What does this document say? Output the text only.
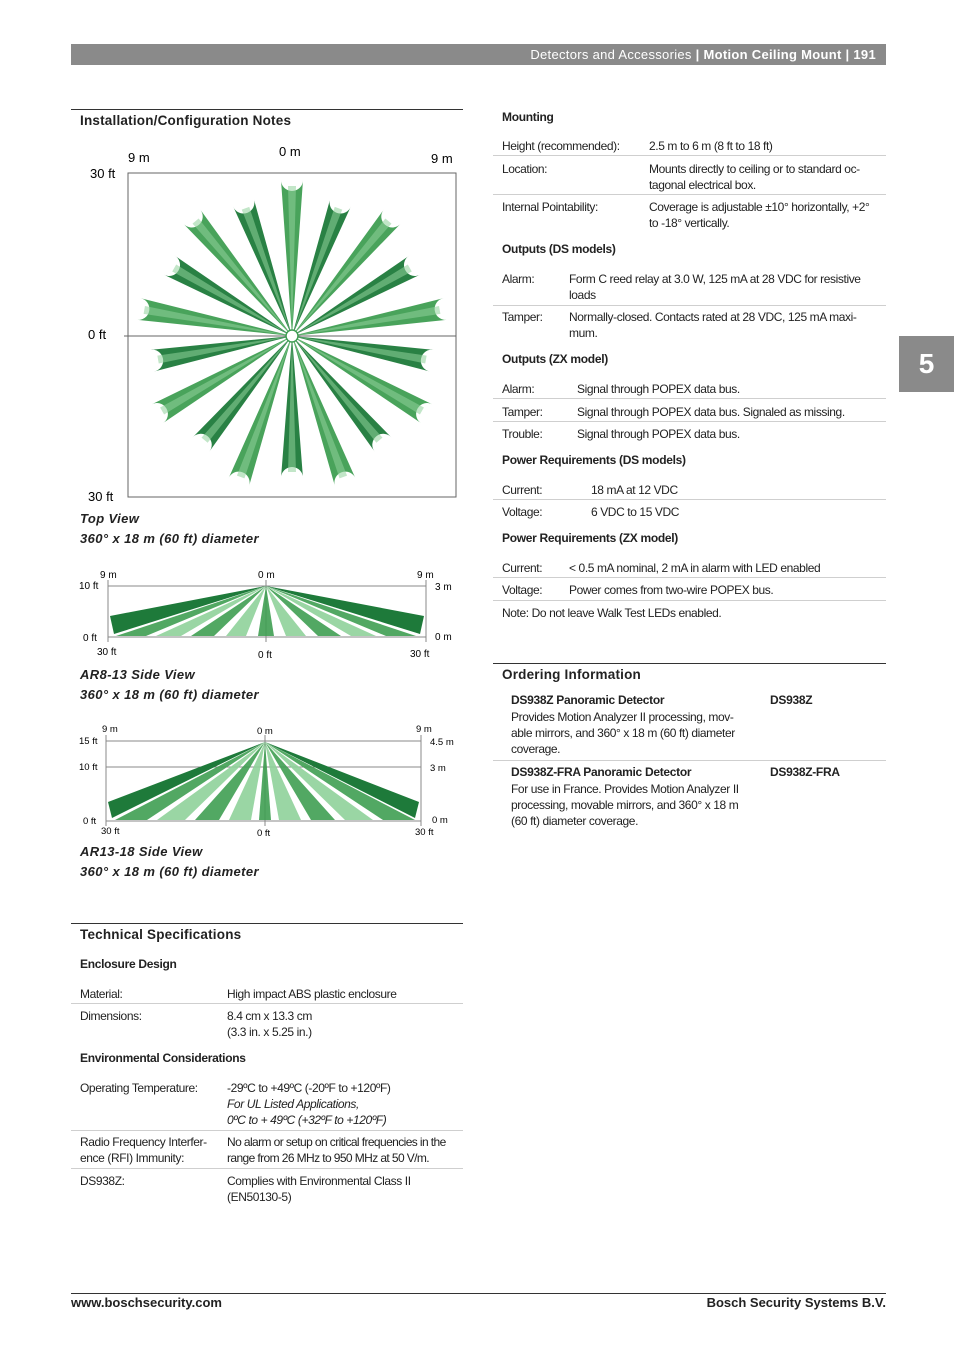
Detectors and Accessories | Motion Ceiling Mount | 191
5
Installation/Configuration Notes
9 m	0 m	9 m
30 ft
0 ft
30 ft
Top View
360° x 18 m (60 ft) diameter
9 m	0 m	9 m
10 ft	3 m
0 ft	0 m
30 ft	0 ft	30 ft
AR8-13 Side View
360° x 18 m (60 ft) diameter
9 m	0 m	9 m
15 ft	4.5 m
10 ft	3 m
0 ft	0 m
30 ft	0 ft	30 ft
AR13-18 Side View
360° x 18 m (60 ft) diameter
Technical Specifications
Enclosure Design
Material:	High impact ABS plastic enclosure
Dimensions:	8.4 cm x 13.3 cm
(3.3 in. x 5.25 in.)
Environmental Considerations
Operating Temperature: -29ºC to +49ºC (-20ºF to +120ºF)
For UL Listed Applications,
0ºC to + 49ºC (+32ºF to +120ºF)
Radio Frequency Interfer-
ence (RFI) Immunity:
No alarm or setup on critical frequencies in the
range from 26 MHz to 950 MHz at 50 V/m.
DS938Z:	Complies with Environmental Class II
(EN50130-5)
Mounting
Height (recommended): 2.5 m to 6 m (8 ft to 18 ft)
Location:	Mounts directly to ceiling or to standard oc-
tagonal electrical box.
Internal Pointability:	Coverage is adjustable ±10° horizontally, +2°
to -18° vertically.
Outputs (DS models)
Alarm:	Form C reed relay at 3.0 W, 125 mA at 28 VDC for resistive
loads
Tamper: Normally-closed. Contacts rated at 28 VDC, 125 mA maxi-
mum.
Outputs (ZX model)
Alarm:	Signal through POPEX data bus.
Tamper:	Signal through POPEX data bus. Signaled as missing.
Trouble:	Signal through POPEX data bus.
Power Requirements (DS models)
Current:	18 mA at 12 VDC
Voltage:	6 VDC to 15 VDC
Power Requirements (ZX model)
Current: < 0.5 mA nominal, 2 mA in alarm with LED enabled
Voltage: Power comes from two-wire POPEX bus.
Note: Do not leave Walk Test LEDs enabled.
Ordering Information
DS938Z Panoramic Detector	DS938Z
Provides Motion Analyzer II processing, mov-
able mirrors, and 360° x 18 m (60 ft) diameter
coverage.
DS938Z-FRA Panoramic Detector	DS938Z-FRA
For use in France. Provides Motion Analyzer II
processing, movable mirrors, and 360° x 18 m
(60 ft) diameter coverage.
www.boschsecurity.com	Bosch Security Systems B.V.
